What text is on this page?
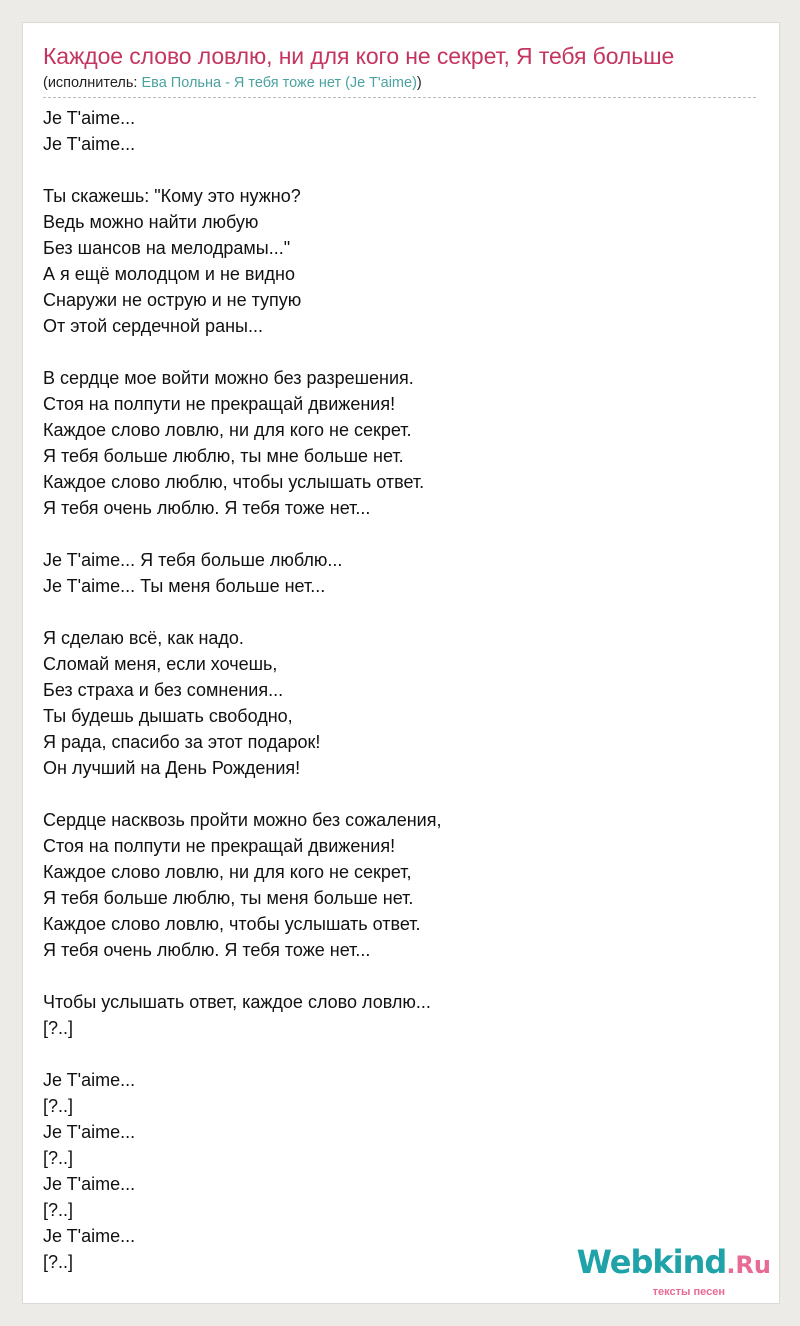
Каждое слово ловлю, ни для кого не секрет, Я тебя больше
(исполнитель: Ева Польна - Я тебя тоже нет (Je T'aime))
Je T'aime...
Je T'aime...
Ты скажешь: "Кому это нужно?
Ведь можно найти любую
Без шансов на мелодрамы..."
А я ещё молодцом и не видно
Снаружи не острую и не тупую
От этой сердечной раны...
В сердце мое войти можно без разрешения.
Стоя на полпути не прекращай движения!
Каждое слово ловлю, ни для кого не секрет.
Я тебя больше люблю, ты мне больше нет.
Каждое слово люблю, чтобы услышать ответ.
Я тебя очень люблю. Я тебя тоже нет...
Je T'aime... Я тебя больше люблю...
Je T'aime... Ты меня больше нет...
Я сделаю всё, как надо.
Сломай меня, если хочешь,
Без страха и без сомнения...
Ты будешь дышать свободно,
Я рада, спасибо за этот подарок!
Он лучший на День Рождения!
Сердце насквозь пройти можно без сожаления,
Стоя на полпути не прекращай движения!
Каждое слово ловлю, ни для кого не секрет,
Я тебя больше люблю, ты меня больше нет.
Каждое слово ловлю, чтобы услышать ответ.
Я тебя очень люблю. Я тебя тоже нет...
Чтобы услышать ответ, каждое слово ловлю...
[?..]
Je T'aime...
[?..]
Je T'aime...
[?..]
Je T'aime...
[?..]
Je T'aime...
[?..]	Webkind.Ru
тексты песен
